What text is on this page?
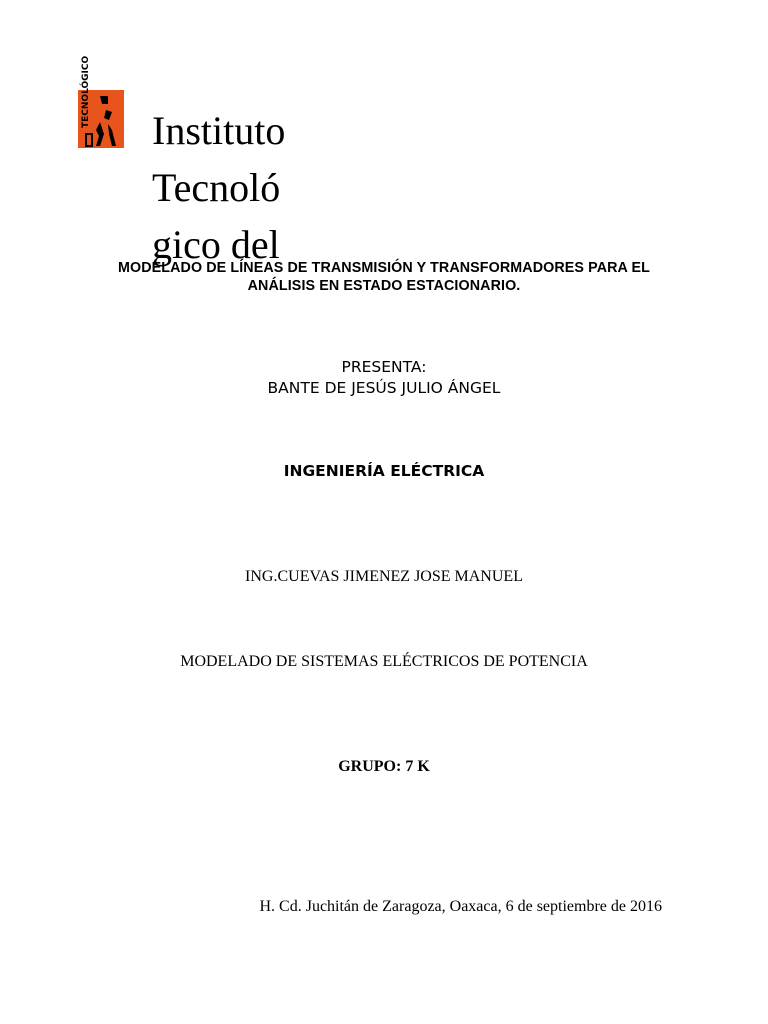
TECNOLÓGICO

Instituto

Tecnoló

gico del

MODELADO DE LÍNEAS DE TRANSMISIÓN Y TRANSFORMADORES PARA EL
ANÁLISIS EN ESTADO ESTACIONARIO.
PRESENTA:
BANTE DE JESÚS JULIO ÁNGEL
INGENIERÍA ELÉCTRICA
ING.CUEVAS JIMENEZ JOSE MANUEL
MODELADO DE SISTEMAS ELÉCTRICOS DE POTENCIA
GRUPO: 7 K
H. Cd. Juchitán de Zaragoza, Oaxaca, 6 de septiembre de 2016
